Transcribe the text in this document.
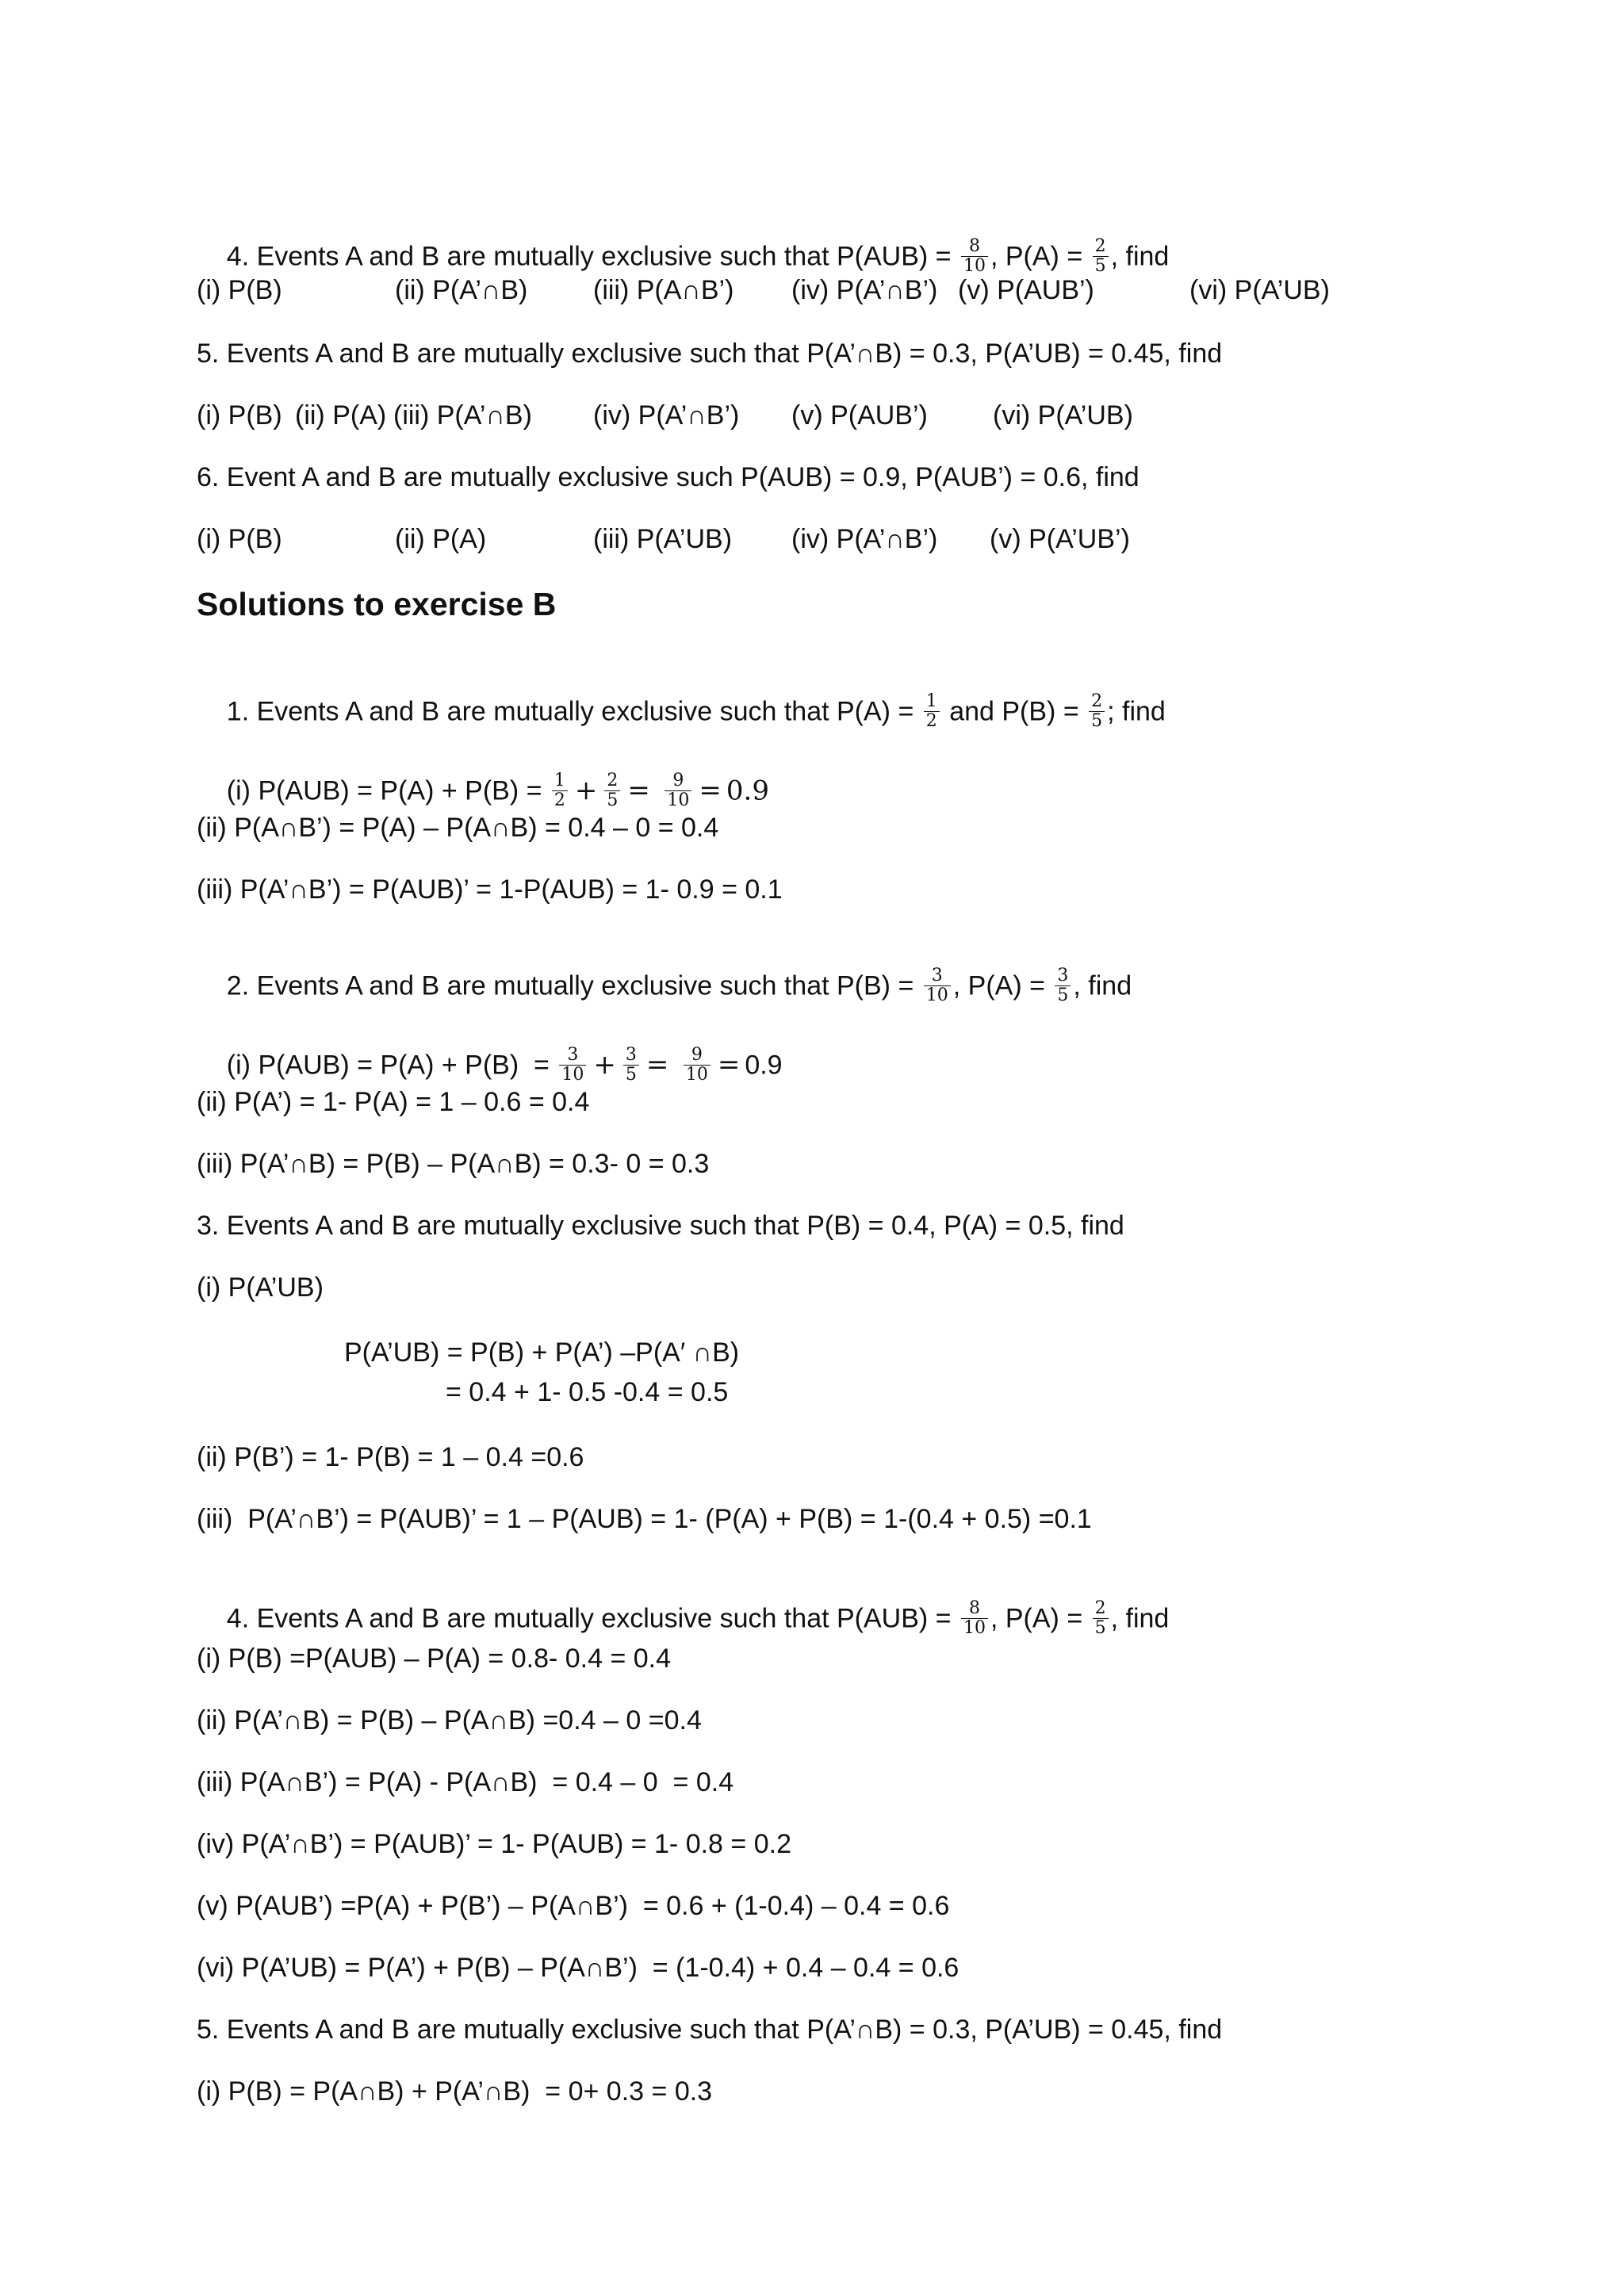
4. Events A and B are mutually exclusive such that $P(AUB) = \frac{8}{10}$ , $P(A) = \frac{2}{5}$ , find

(i) P(B)

	(ii) P(A’∩B)

(iii) P(A∩B’)

(iv) P(A’∩B’)

(v) P(AUB’)

	(vi) P(A’UB)

5. Events A and B are mutually exclusive such that P(A’∩B) = 0.3, P(A’UB) = 0.45, find

(i) P(B)

(ii) P(A)

(iii) P(A’∩B)

(iv) P(A’∩B’)

(v) P(AUB’)

(vi) P(A’UB)

6. Event A and B are mutually exclusive such P(AUB) = 0.9, P(AUB’) = 0.6, find

(i) P(B)

	(ii) P(A)

	(iii) P(A’UB)

(iv) P(A’∩B’)

(v) P(A’UB’)

Solutions to exercise B

1. Events A and B are mutually exclusive such that $P(A) = \frac{1}{2}$ and $P(B) = \frac{2}{5}$ ; find

(i) $P(AUB) = P(A) + P(B) = \frac{1}{2} + \frac{2}{5} = \frac{9}{10} = 0.9$

(ii) P(A∩B’) = P(A) – P(A∩B) = 0.4 – 0 = 0.4
(iii) P(A’∩B’) = P(AUB)’ = 1-P(AUB) = 1- 0.9 = 0.1

2. Events A and B are mutually exclusive such that $P(B) = \frac{3}{10}$ , $P(A) = \frac{3}{5}$ , find

(i) $P(AUB) = P(A) + P(B) = \frac{3}{10} + \frac{3}{5} = \frac{9}{10} = 0.9$

(ii) P(A’) = 1- P(A) = 1 – 0.6 = 0.4
(iii) P(A’∩B) = P(B) – P(A∩B) = 0.3- 0 = 0.3
3. Events A and B are mutually exclusive such that P(B) = 0.4, P(A) = 0.5, find
(i) P(A’UB)
P(A’UB) = P(B) + P(A’) –P(A′ ∩B)
= 0.4 + 1- 0.5 -0.4 = 0.5
(ii) P(B’) = 1- P(B) = 1 – 0.4 =0.6
(iii)  P(A’∩B’) = P(AUB)’ = 1 – P(AUB) = 1- (P(A) + P(B) = 1-(0.4 + 0.5) =0.1

4. Events A and B are mutually exclusive such that $P(AUB) = \frac{8}{10}$ , $P(A) = \frac{2}{5}$ , find

(i) P(B) =P(AUB) – P(A) = 0.8- 0.4 = 0.4
(ii) P(A’∩B) = P(B) – P(A∩B) =0.4 – 0 =0.4
(iii) P(A∩B’) = P(A) - P(A∩B)  = 0.4 – 0  = 0.4
(iv) P(A’∩B’) = P(AUB)’ = 1- P(AUB) = 1- 0.8 = 0.2
(v) P(AUB’) =P(A) + P(B’) – P(A∩B’)  = 0.6 + (1-0.4) – 0.4 = 0.6
(vi) P(A’UB) = P(A’) + P(B) – P(A∩B’)  = (1-0.4) + 0.4 – 0.4 = 0.6
5. Events A and B are mutually exclusive such that P(A’∩B) = 0.3, P(A’UB) = 0.45, find
(i) P(B) = P(A∩B) + P(A’∩B)  = 0+ 0.3 = 0.3
